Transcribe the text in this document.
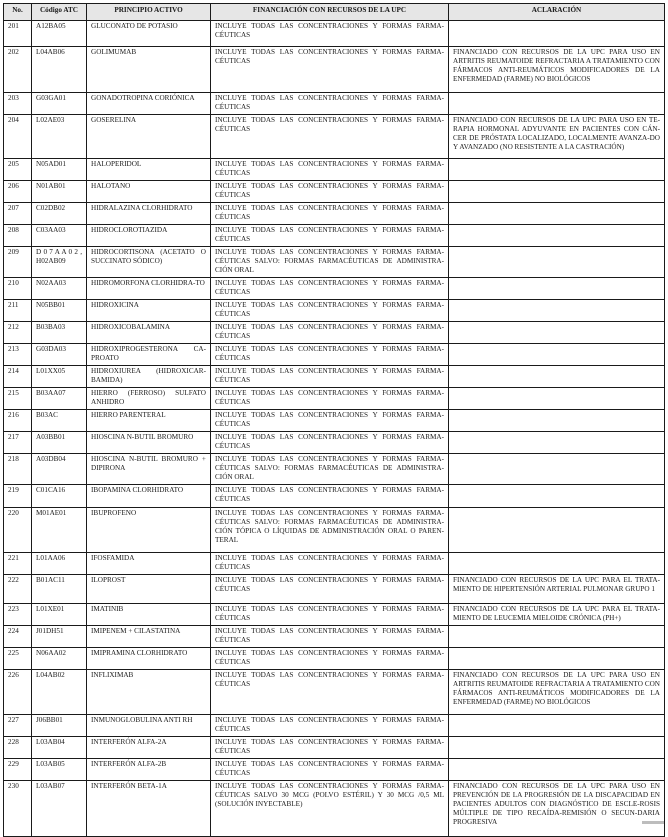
No.	Código ATC	PRINCIPIO ACTIVO	FINANCIACIÓN CON RECURSOS DE LA UPC	ACLARACIÓN
201	A12BA05	GLUCONATO DE POTASIO	INCLUYE TODAS LAS CONCENTRACIONES Y FORMAS FARMA-CÉUTICAS	
202	L04AB06	GOLIMUMAB	INCLUYE TODAS LAS CONCENTRACIONES Y FORMAS FARMA-CÉUTICAS	FINANCIADO CON RECURSOS DE LA UPC PARA USO EN ARTRITIS REUMATOIDE REFRACTARIA A TRATAMIENTO CON FÁRMACOS ANTI-REUMÁTICOS MODIFICADORES DE LA ENFERMEDAD (FARME) NO BIOLÓGICOS
203	G03GA01	GONADOTROPINA CORIÓNICA	INCLUYE TODAS LAS CONCENTRACIONES Y FORMAS FARMA-CÉUTICAS	
204	L02AE03	GOSERELINA	INCLUYE TODAS LAS CONCENTRACIONES Y FORMAS FARMA-CÉUTICAS	FINANCIADO CON RECURSOS DE LA UPC PARA USO EN TE-RAPIA HORMONAL ADYUVANTE EN PACIENTES CON CÁN-CER DE PRÓSTATA LOCALIZADO, LOCALMENTE AVANZA-DO Y AVANZADO (NO RESISTENTE A LA CASTRACIÓN)
205	N05AD01	HALOPERIDOL	INCLUYE TODAS LAS CONCENTRACIONES Y FORMAS FARMA-CÉUTICAS	
206	N01AB01	HALOTANO	INCLUYE TODAS LAS CONCENTRACIONES Y FORMAS FARMA-CÉUTICAS	
207	C02DB02	HIDRALAZINA CLORHIDRATO	INCLUYE TODAS LAS CONCENTRACIONES Y FORMAS FARMA-CÉUTICAS	
208	C03AA03	HIDROCLOROTIAZIDA	INCLUYE TODAS LAS CONCENTRACIONES Y FORMAS FARMA-CÉUTICAS	
209	D 0 7 A A 0 2 , H02AB09	HIDROCORTISONA (ACETATO O SUCCINATO SÓDICO)	INCLUYE TODAS LAS CONCENTRACIONES Y FORMAS FARMA-CÉUTICAS SALVO: FORMAS FARMACÉUTICAS DE ADMINISTRA-CIÓN ORAL	
210	N02AA03	HIDROMORFONA CLORHIDRA-TO	INCLUYE TODAS LAS CONCENTRACIONES Y FORMAS FARMA-CÉUTICAS	
211	N05BB01	HIDROXICINA	INCLUYE TODAS LAS CONCENTRACIONES Y FORMAS FARMA-CÉUTICAS	
212	B03BA03	HIDROXICOBALAMINA	INCLUYE TODAS LAS CONCENTRACIONES Y FORMAS FARMA-CÉUTICAS	
213	G03DA03	HIDROXIPROGESTERONA CA-PROATO	INCLUYE TODAS LAS CONCENTRACIONES Y FORMAS FARMA-CÉUTICAS	
214	L01XX05	HIDROXIUREA (HIDROXICAR-BAMIDA)	INCLUYE TODAS LAS CONCENTRACIONES Y FORMAS FARMA-CÉUTICAS	
215	B03AA07	HIERRO (FERROSO) SULFATO ANHIDRO	INCLUYE TODAS LAS CONCENTRACIONES Y FORMAS FARMA-CÉUTICAS	
216	B03AC	HIERRO PARENTERAL	INCLUYE TODAS LAS CONCENTRACIONES Y FORMAS FARMA-CÉUTICAS	
217	A03BB01	HIOSCINA N-BUTIL BROMURO	INCLUYE TODAS LAS CONCENTRACIONES Y FORMAS FARMA-CÉUTICAS	
218	A03DB04	HIOSCINA N-BUTIL BROMURO + DIPIRONA	INCLUYE TODAS LAS CONCENTRACIONES Y FORMAS FARMA-CÉUTICAS SALVO: FORMAS FARMACÉUTICAS DE ADMINISTRA-CIÓN ORAL	
219	C01CA16	IBOPAMINA CLORHIDRATO	INCLUYE TODAS LAS CONCENTRACIONES Y FORMAS FARMA-CÉUTICAS	
220	M01AE01	IBUPROFENO	INCLUYE TODAS LAS CONCENTRACIONES Y FORMAS FARMA-CÉUTICAS SALVO: FORMAS FARMACÉUTICAS DE ADMINISTRA-CIÓN TÓPICA O LÍQUIDAS DE ADMINISTRACIÓN ORAL O PAREN-TERAL	
221	L01AA06	IFOSFAMIDA	INCLUYE TODAS LAS CONCENTRACIONES Y FORMAS FARMA-CÉUTICAS	
222	B01AC11	ILOPROST	INCLUYE TODAS LAS CONCENTRACIONES Y FORMAS FARMA-CÉUTICAS	FINANCIADO CON RECURSOS DE LA UPC PARA EL TRATA-MIENTO DE HIPERTENSIÓN ARTERIAL PULMONAR GRUPO 1
223	L01XE01	IMATINIB	INCLUYE TODAS LAS CONCENTRACIONES Y FORMAS FARMA-CÉUTICAS	FINANCIADO CON RECURSOS DE LA UPC PARA EL TRATA-MIENTO DE LEUCEMIA MIELOIDE CRÓNICA (PH+)
224	J01DH51	IMIPENEM + CILASTATINA	INCLUYE TODAS LAS CONCENTRACIONES Y FORMAS FARMA-CÉUTICAS	
225	N06AA02	IMIPRAMINA CLORHIDRATO	INCLUYE TODAS LAS CONCENTRACIONES Y FORMAS FARMA-CÉUTICAS	
226	L04AB02	INFLIXIMAB	INCLUYE TODAS LAS CONCENTRACIONES Y FORMAS FARMA-CÉUTICAS	FINANCIADO CON RECURSOS DE LA UPC PARA USO EN ARTRITIS REUMATOIDE REFRACTARIA A TRATAMIENTO CON FÁRMACOS ANTI-REUMÁTICOS MODIFICADORES DE LA ENFERMEDAD (FARME) NO BIOLÓGICOS
227	J06BB01	INMUNOGLOBULINA ANTI RH	INCLUYE TODAS LAS CONCENTRACIONES Y FORMAS FARMA-CÉUTICAS	
228	L03AB04	INTERFERÓN ALFA-2A	INCLUYE TODAS LAS CONCENTRACIONES Y FORMAS FARMA-CÉUTICAS	
229	L03AB05	INTERFERÓN ALFA-2B	INCLUYE TODAS LAS CONCENTRACIONES Y FORMAS FARMA-CÉUTICAS	
230	L03AB07	INTERFERÓN BETA-1A	INCLUYE TODAS LAS CONCENTRACIONES Y FORMAS FARMA-CÉUTICAS SALVO 30 MCG (POLVO ESTÉRIL) Y 30 MCG /0,5 ML (SOLUCIÓN INYECTABLE)	FINANCIADO CON RECURSOS DE LA UPC PARA USO EN PREVENCIÓN DE LA PROGRESIÓN DE LA DISCAPACIDAD EN PACIENTES ADULTOS CON DIAGNÓSTICO DE ESCLE-ROSIS MÚLTIPLE DE TIPO RECAÍDA-REMISIÓN O SECUN-DARIA PROGRESIVA
